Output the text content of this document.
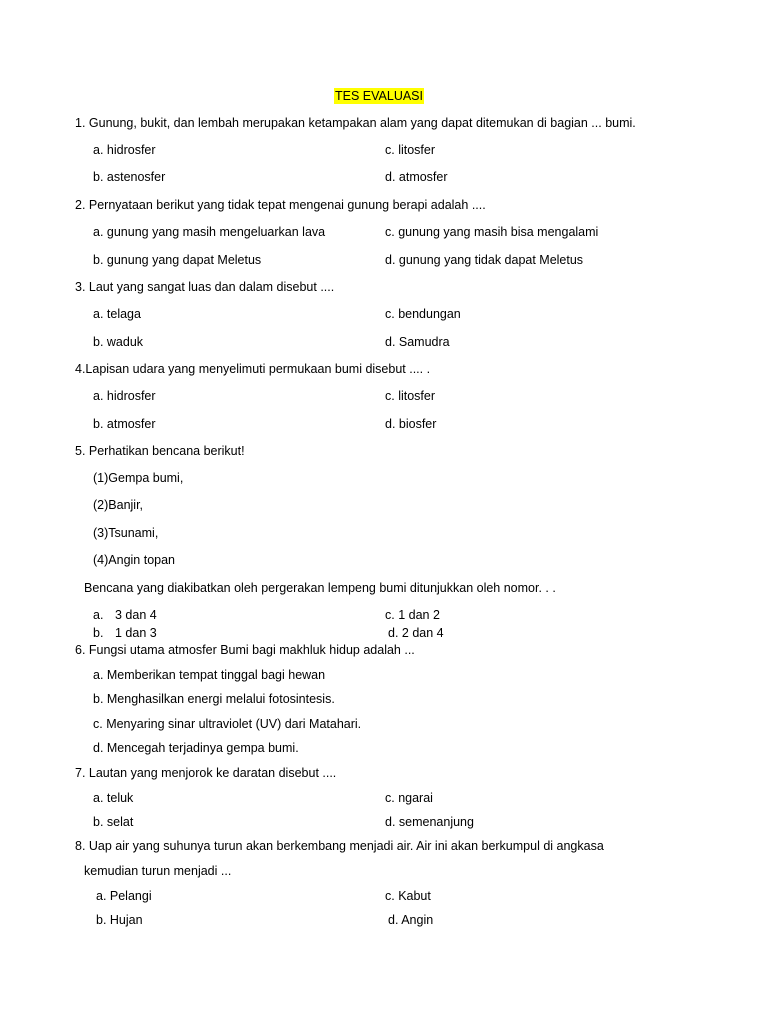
TES EVALUASI
1. Gunung, bukit, dan lembah merupakan ketampakan alam yang dapat ditemukan di bagian ... bumi.
a. hidrosfer	c. litosfer
b. astenosfer	d. atmosfer
2. Pernyataan berikut yang tidak tepat mengenai gunung berapi adalah ....
a. gunung yang masih mengeluarkan lava	c. gunung yang masih bisa mengalami
b. gunung yang dapat Meletus	d. gunung yang tidak dapat Meletus
3. Laut yang sangat luas dan dalam disebut ....
a. telaga	c. bendungan
b. waduk	d. Samudra
4.Lapisan udara yang menyelimuti permukaan bumi disebut .... .
a. hidrosfer	c. litosfer
b. atmosfer	d. biosfer
5. Perhatikan bencana berikut!
(1)Gempa bumi,
(2)Banjir,
(3)Tsunami,
(4)Angin topan
Bencana yang diakibatkan oleh pergerakan lempeng bumi ditunjukkan oleh nomor. . .
a. 3 dan 4	c. 1 dan 2
b. 1 dan 3	d. 2 dan 4
6. Fungsi utama atmosfer Bumi bagi makhluk hidup adalah ...
a. Memberikan tempat tinggal bagi hewan
b. Menghasilkan energi melalui fotosintesis.
c. Menyaring sinar ultraviolet (UV) dari Matahari.
d. Mencegah terjadinya gempa bumi.
7. Lautan yang menjorok ke daratan disebut ....
a. teluk	c. ngarai
b. selat	d. semenanjung
8. Uap air yang suhunya turun akan berkembang menjadi air. Air ini akan berkumpul di angkasa
kemudian turun menjadi ...
a. Pelangi	c. Kabut
b. Hujan	d. Angin
